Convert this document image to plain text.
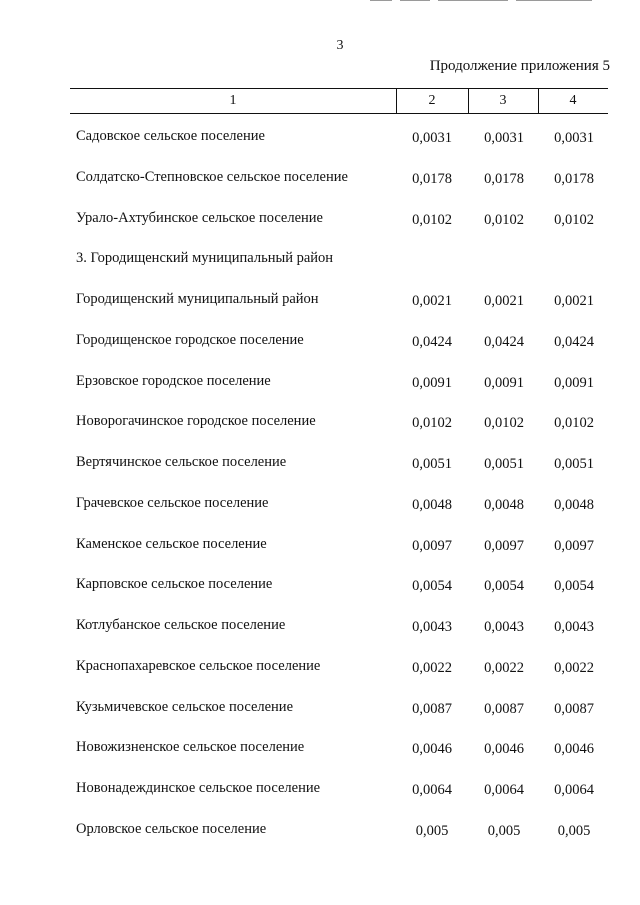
3
Продолжение приложения 5
1	2	3	4
Садовское сельское поселение	0,0031	0,0031	0,0031
Солдатско-Степновское сельское поселение	0,0178	0,0178	0,0178
Урало-Ахтубинское сельское поселение	0,0102	0,0102	0,0102
3. Городищенский муниципальный район
Городищенский муниципальный район	0,0021	0,0021	0,0021
Городищенское городское поселение	0,0424	0,0424	0,0424
Ерзовское городское поселение	0,0091	0,0091	0,0091
Новорогачинское городское поселение	0,0102	0,0102	0,0102
Вертячинское сельское поселение	0,0051	0,0051	0,0051
Грачевское сельское поселение	0,0048	0,0048	0,0048
Каменское сельское поселение	0,0097	0,0097	0,0097
Карповское сельское поселение	0,0054	0,0054	0,0054
Котлубанское сельское поселение	0,0043	0,0043	0,0043
Краснопахаревское сельское поселение	0,0022	0,0022	0,0022
Кузьмичевское сельское поселение	0,0087	0,0087	0,0087
Новожизненское сельское поселение	0,0046	0,0046	0,0046
Новонадеждинское сельское поселение	0,0064	0,0064	0,0064
Орловское сельское поселение	0,005	0,005	0,005
